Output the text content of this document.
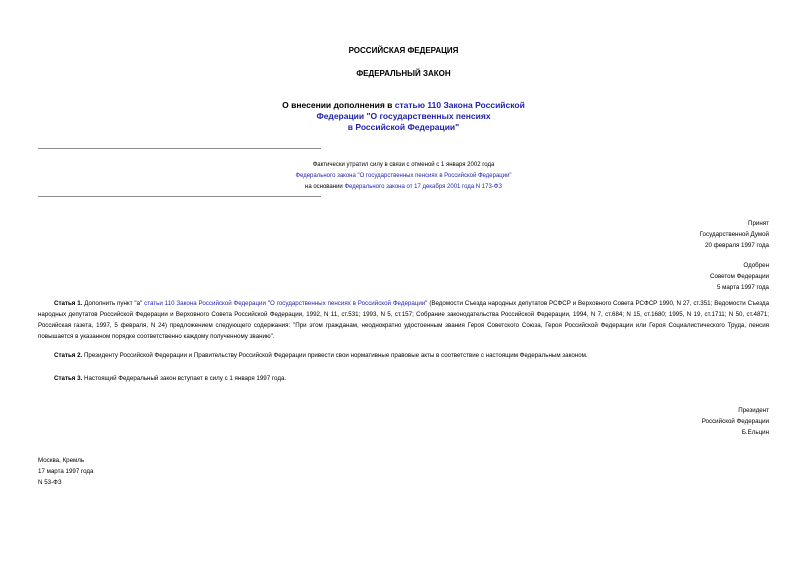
РОССИЙСКАЯ ФЕДЕРАЦИЯ
ФЕДЕРАЛЬНЫЙ ЗАКОН
О внесении дополнения в статью 110 Закона Российской
Федерации "О государственных пенсиях
в Российской Федерации"
Фактически утратил силу в связи с отменой с 1 января 2002 года
Федерального закона "О государственных пенсиях в Российской Федерации"
на основании Федерального закона от 17 декабря 2001 года N 173-ФЗ
Принят
Государственной Думой
20 февраля 1997 года
Одобрен
Советом Федерации
5 марта 1997 года
Статья 1. Дополнить пункт "а" статьи 110 Закона Российской Федерации "О государственных пенсиях в Российской Федерации" (Ведомости Съезда народных депутатов РСФСР и Верховного Совета РСФСР 1990, N 27, ст.351; Ведомости Съезда народных депутатов Российской Федерации и Верховного Совета Российской Федерации, 1992, N 11, ст.531; 1993, N 5, ст.157; Собрание законодательства Российской Федерации, 1994, N 7, ст.684; N 15, ст.1680; 1995, N 19, ст.1711; N 50, ст.4871; Российская газета, 1997, 5 февраля, N 24) предложением следующего содержания: "При этом гражданам, неоднократно удостоенным звания Героя Советского Союза, Героя Российской Федерации или Героя Социалистического Труда, пенсия повышается в указанном порядке соответственно каждому полученному званию".
Статья 2. Президенту Российской Федерации и Правительству Российской Федерации привести свои нормативные правовые акты в соответствие с настоящим Федеральным законом.
Статья 3. Настоящий Федеральный закон вступает в силу с 1 января 1997 года.
Президент
Российской Федерации
Б.Ельцин
Москва, Кремль
17 марта 1997 года
N 53-ФЗ
